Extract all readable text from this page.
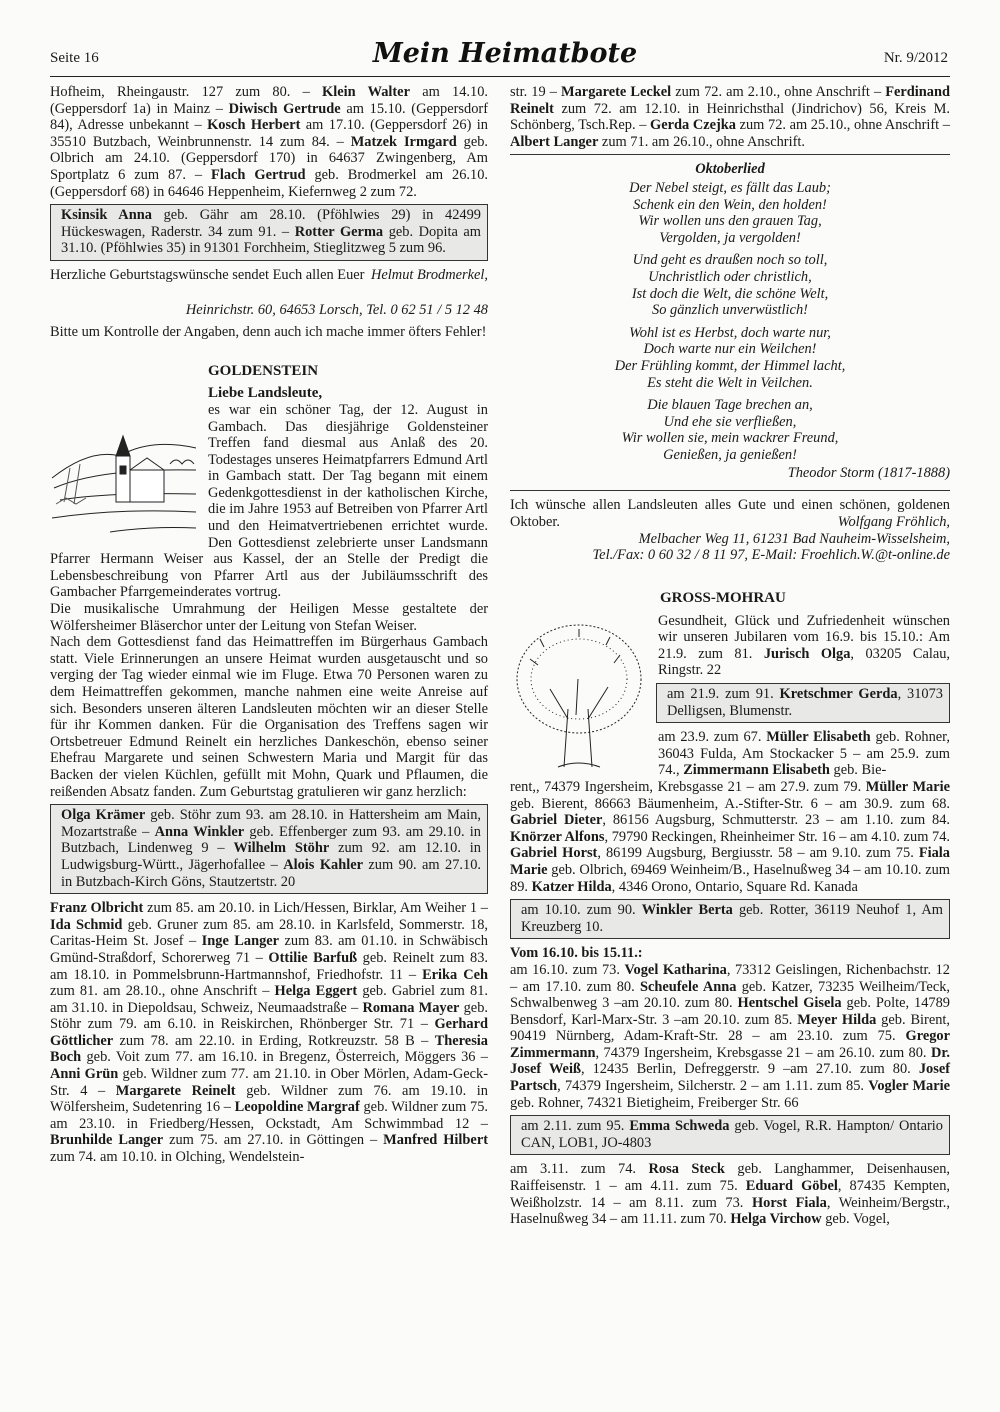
Seite 16	Mein Heimatbote	Nr. 9/2012

Hofheim, Rheingaustr. 127 zum 80. – Klein Walter am 14.10. (Geppersdorf 1a) in Mainz – Diwisch Gertrude am 15.10. (Geppersdorf 84), Adresse unbekannt – Kosch Herbert am 17.10. (Geppersdorf 26) in 35510 Butzbach, Weinbrunnenstr. 14 zum 84. – Matzek Irmgard geb. Olbrich am 24.10. (Geppersdorf 170) in 64637 Zwingenberg, Am Sportplatz 6 zum 87. – Flach Gertrud geb. Brodmerkel am 26.10. (Geppersdorf 68) in 64646 Heppenheim, Kiefernweg 2 zum 72.

Ksinsik Anna geb. Gähr am 28.10. (Pföhlwies 29) in 42499 Hückeswagen, Raderstr. 34 zum 91. – Rotter Germa geb. Dopita am 31.10. (Pföhlwies 35) in 91301 Forchheim, Stieglitzweg 5 zum 96.

Herzliche Geburtstagswünsche sendet Euch allen Euer Helmut Brodmerkel,

Heinrichstr. 60, 64653 Lorsch, Tel. 0 62 51 / 5 12 48

Bitte um Kontrolle der Angaben, denn auch ich mache immer öfters Fehler!

GOLDENSTEIN
Liebe Landsleute,

es war ein schöner Tag, der 12. August in Gambach. Das diesjährige Goldensteiner Treffen fand diesmal aus Anlaß des 20. Todestages unseres Heimatpfarrers Edmund Artl in Gambach statt. Der Tag begann mit einem Gedenkgottesdienst in der katholischen Kirche, die im Jahre 1953 auf Betreiben von Pfarrer Artl und den Heimatvertriebenen errichtet wurde. Den Gottesdienst zelebrierte unser Landsmann Pfarrer Hermann Weiser aus Kassel, der an Stelle der Predigt die Lebensbeschreibung von Pfarrer Artl aus der Jubiläumsschrift des Gambacher Pfarrgemeinderates vortrug.

Die musikalische Umrahmung der Heiligen Messe gestaltete der Wölfersheimer Bläserchor unter der Leitung von Stefan Weiser.

Nach dem Gottesdienst fand das Heimattreffen im Bürgerhaus Gambach statt. Viele Erinnerungen an unsere Heimat wurden ausgetauscht und so verging der Tag wieder einmal wie im Fluge. Etwa 70 Personen waren zu dem Heimattreffen gekommen, manche nahmen eine weite Anreise auf sich. Besonders unseren älteren Landsleuten möchten wir an dieser Stelle für ihr Kommen danken. Für die Organisation des Treffens sagen wir Ortsbetreuer Edmund Reinelt ein herzliches Dankeschön, ebenso seiner Ehefrau Margarete und seinen Schwestern Maria und Margit für das Backen der vielen Küchlen, gefüllt mit Mohn, Quark und Pflaumen, die reißenden Absatz fanden. Zum Geburtstag gratulieren wir ganz herzlich:

Olga Krämer geb. Stöhr zum 93. am 28.10. in Hattersheim am Main, Mozartstraße – Anna Winkler geb. Effenberger zum 93. am 29.10. in Butzbach, Lindenweg 9 – Wilhelm Stöhr zum 92. am 12.10. in Ludwigsburg-Württ., Jägerhofallee – Alois Kahler zum 90. am 27.10. in Butzbach-Kirch Göns, Stautzertstr. 20

Franz Olbricht zum 85. am 20.10. in Lich/Hessen, Birklar, Am Weiher 1 – Ida Schmid geb. Gruner zum 85. am 28.10. in Karlsfeld, Sommerstr. 18, Caritas-Heim St. Josef – Inge Langer zum 83. am 01.10. in Schwäbisch Gmünd-Straßdorf, Schorerweg 71 – Ottilie Barfuß geb. Reinelt zum 83. am 18.10. in Pommelsbrunn-Hartmannshof, Friedhofstr. 11 – Erika Ceh zum 81. am 28.10., ohne Anschrift – Helga Eggert geb. Gabriel zum 81. am 31.10. in Diepoldsau, Schweiz, Neumaadstraße – Romana Mayer geb. Stöhr zum 79. am 6.10. in Reiskirchen, Rhönberger Str. 71 – Gerhard Göttlicher zum 78. am 22.10. in Erding, Rotkreuzstr. 58 B – Theresia Boch geb. Voit zum 77. am 16.10. in Bregenz, Österreich, Möggers 36 – Anni Grün geb. Wildner zum 77. am 21.10. in Ober Mörlen, Adam-Geck-Str. 4 – Margarete Reinelt geb. Wildner zum 76. am 19.10. in Wölfersheim, Sudetenring 16 – Leopoldine Margraf geb. Wildner zum 75. am 23.10. in Friedberg/Hessen, Ockstadt, Am Schwimmbad 12 – Brunhilde Langer zum 75. am 27.10. in Göttingen – Manfred Hilbert zum 74. am 10.10. in Olching, Wendelstein-

str. 19 – Margarete Leckel zum 72. am 2.10., ohne Anschrift – Ferdinand Reinelt zum 72. am 12.10. in Heinrichsthal (Jindrichov) 56, Kreis M. Schönberg, Tsch.Rep. – Gerda Czejka zum 72. am 25.10., ohne Anschrift – Albert Langer zum 71. am 26.10., ohne Anschrift.

Oktoberlied
Der Nebel steigt, es fällt das Laub;
Schenk ein den Wein, den holden!
Wir wollen uns den grauen Tag,
Vergolden, ja vergolden!
Und geht es draußen noch so toll,
Unchristlich oder christlich,
Ist doch die Welt, die schöne Welt,
So gänzlich unverwüstlich!
Wohl ist es Herbst, doch warte nur,
Doch warte nur ein Weilchen!
Der Frühling kommt, der Himmel lacht,
Es steht die Welt in Veilchen.
Die blauen Tage brechen an,
Und ehe sie verfließen,
Wir wollen sie, mein wackrer Freund,
Genießen, ja genießen!
Theodor Storm (1817-1888)

Ich wünsche allen Landsleuten alles Gute und einen schönen, goldenen Oktober.	Wolfgang Fröhlich,

Melbacher Weg 11, 61231 Bad Nauheim-Wisselsheim,

Tel./Fax: 0 60 32 / 8 11 97, E-Mail: Froehlich.W.@t-online.de

GROSS-MOHRAU

Gesundheit, Glück und Zufriedenheit wünschen wir unseren Jubilaren vom 16.9. bis 15.10.: Am 21.9. zum 81. Jurisch Olga, 03205 Calau, Ringstr. 22

am 21.9. zum 91. Kretschmer Gerda, 31073 Delligsen, Blumenstr.

am 23.9. zum 67. Müller Elisabeth geb. Rohner, 36043 Fulda, Am Stockacker 5 – am 25.9. zum 74., Zimmermann Elisabeth geb. Bie-

rent,, 74379 Ingersheim, Krebsgasse 21 – am 27.9. zum 79. Müller Marie geb. Bierent, 86663 Bäumenheim, A.-Stifter-Str. 6 – am 30.9. zum 68. Gabriel Dieter, 86156 Augsburg, Schmutterstr. 23 – am 1.10. zum 84. Knörzer Alfons, 79790 Reckingen, Rheinheimer Str. 16 – am 4.10. zum 74. Gabriel Horst, 86199 Augsburg, Bergiusstr. 58 – am 9.10. zum 75. Fiala Marie geb. Olbrich, 69469 Weinheim/B., Haselnußweg 34 – am 10.10. zum 89. Katzer Hilda, 4346 Orono, Ontario, Square Rd. Kanada

am 10.10. zum 90. Winkler Berta geb. Rotter, 36119 Neuhof 1, Am Kreuzberg 10.
Vom 16.10. bis 15.11.:

am 16.10. zum 73. Vogel Katharina, 73312 Geislingen, Richenbachstr. 12 – am 17.10. zum 80. Scheufele Anna geb. Katzer, 73235 Weilheim/Teck, Schwalbenweg 3 –am 20.10. zum 80. Hentschel Gisela geb. Polte, 14789 Bensdorf, Karl-Marx-Str. 3 –am 20.10. zum 85. Meyer Hilda geb. Birent, 90419 Nürnberg, Adam-Kraft-Str. 28 – am 23.10. zum 75. Gregor Zimmermann, 74379 Ingersheim, Krebsgasse 21 – am 26.10. zum 80. Dr. Josef Weiß, 12435 Berlin, Defreggerstr. 9 –am 27.10. zum 80. Josef Partsch, 74379 Ingersheim, Silcherstr. 2 – am 1.11. zum 85. Vogler Marie geb. Rohner, 74321 Bietigheim, Freiberger Str. 66

am 2.11. zum 95. Emma Schweda geb. Vogel, R.R. Hampton/ Ontario CAN, LOB1, JO-4803

am 3.11. zum 74. Rosa Steck geb. Langhammer, Deisenhausen, Raiffeisenstr. 1 – am 4.11. zum 75. Eduard Göbel, 87435 Kempten, Weißholzstr. 14 – am 8.11. zum 73. Horst Fiala, Weinheim/Bergstr., Haselnußweg 34 – am 11.11. zum 70. Helga Virchow geb. Vogel,
